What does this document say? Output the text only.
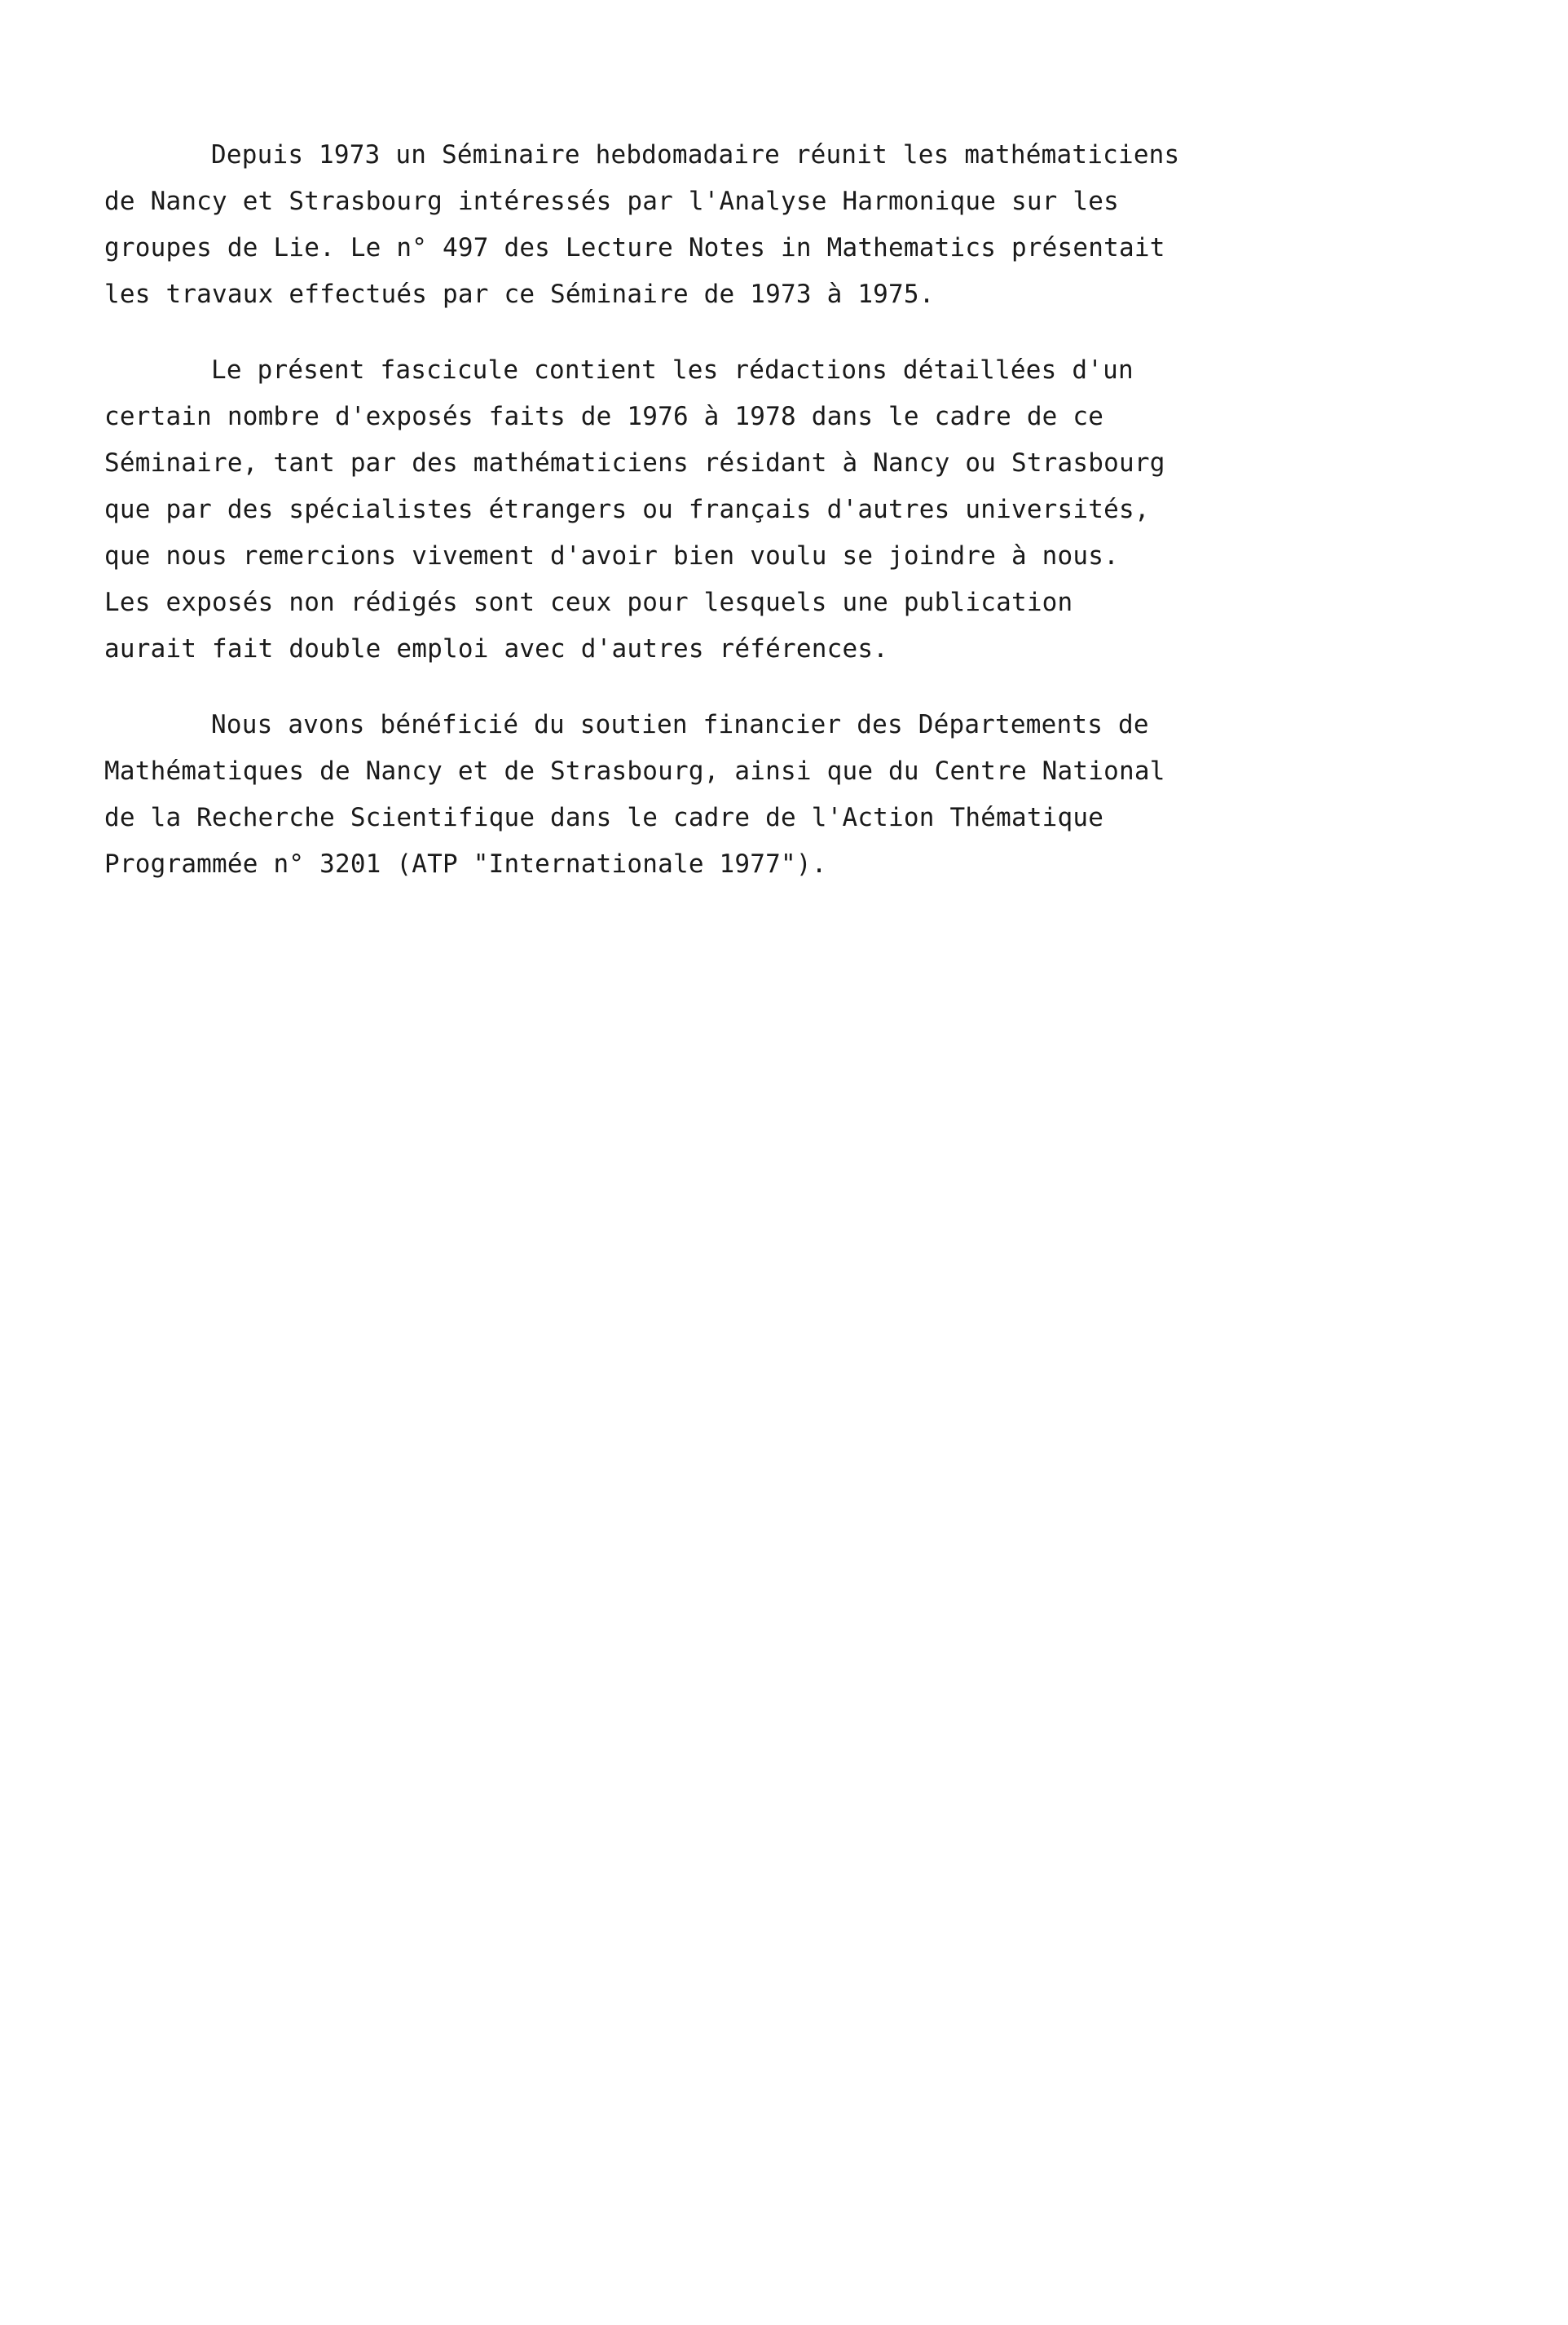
Depuis 1973 un Séminaire hebdomadaire réunit les mathématiciens
de Nancy et Strasbourg intéressés par l'Analyse Harmonique sur les
groupes de Lie. Le n° 497 des Lecture Notes in Mathematics présentait
les travaux effectués par ce Séminaire de 1973 à 1975.
Le présent fascicule contient les rédactions détaillées d'un
certain nombre d'exposés faits de 1976 à 1978 dans le cadre de ce
Séminaire, tant par des mathématiciens résidant à Nancy ou Strasbourg
que par des spécialistes étrangers ou français d'autres universités,
que nous remercions vivement d'avoir bien voulu se joindre à nous.
Les exposés non rédigés sont ceux pour lesquels une publication
aurait fait double emploi avec d'autres références.
Nous avons bénéficié du soutien financier des Départements de
Mathématiques de Nancy et de Strasbourg, ainsi que du Centre National
de la Recherche Scientifique dans le cadre de l'Action Thématique
Programmée n° 3201 (ATP "Internationale 1977").
